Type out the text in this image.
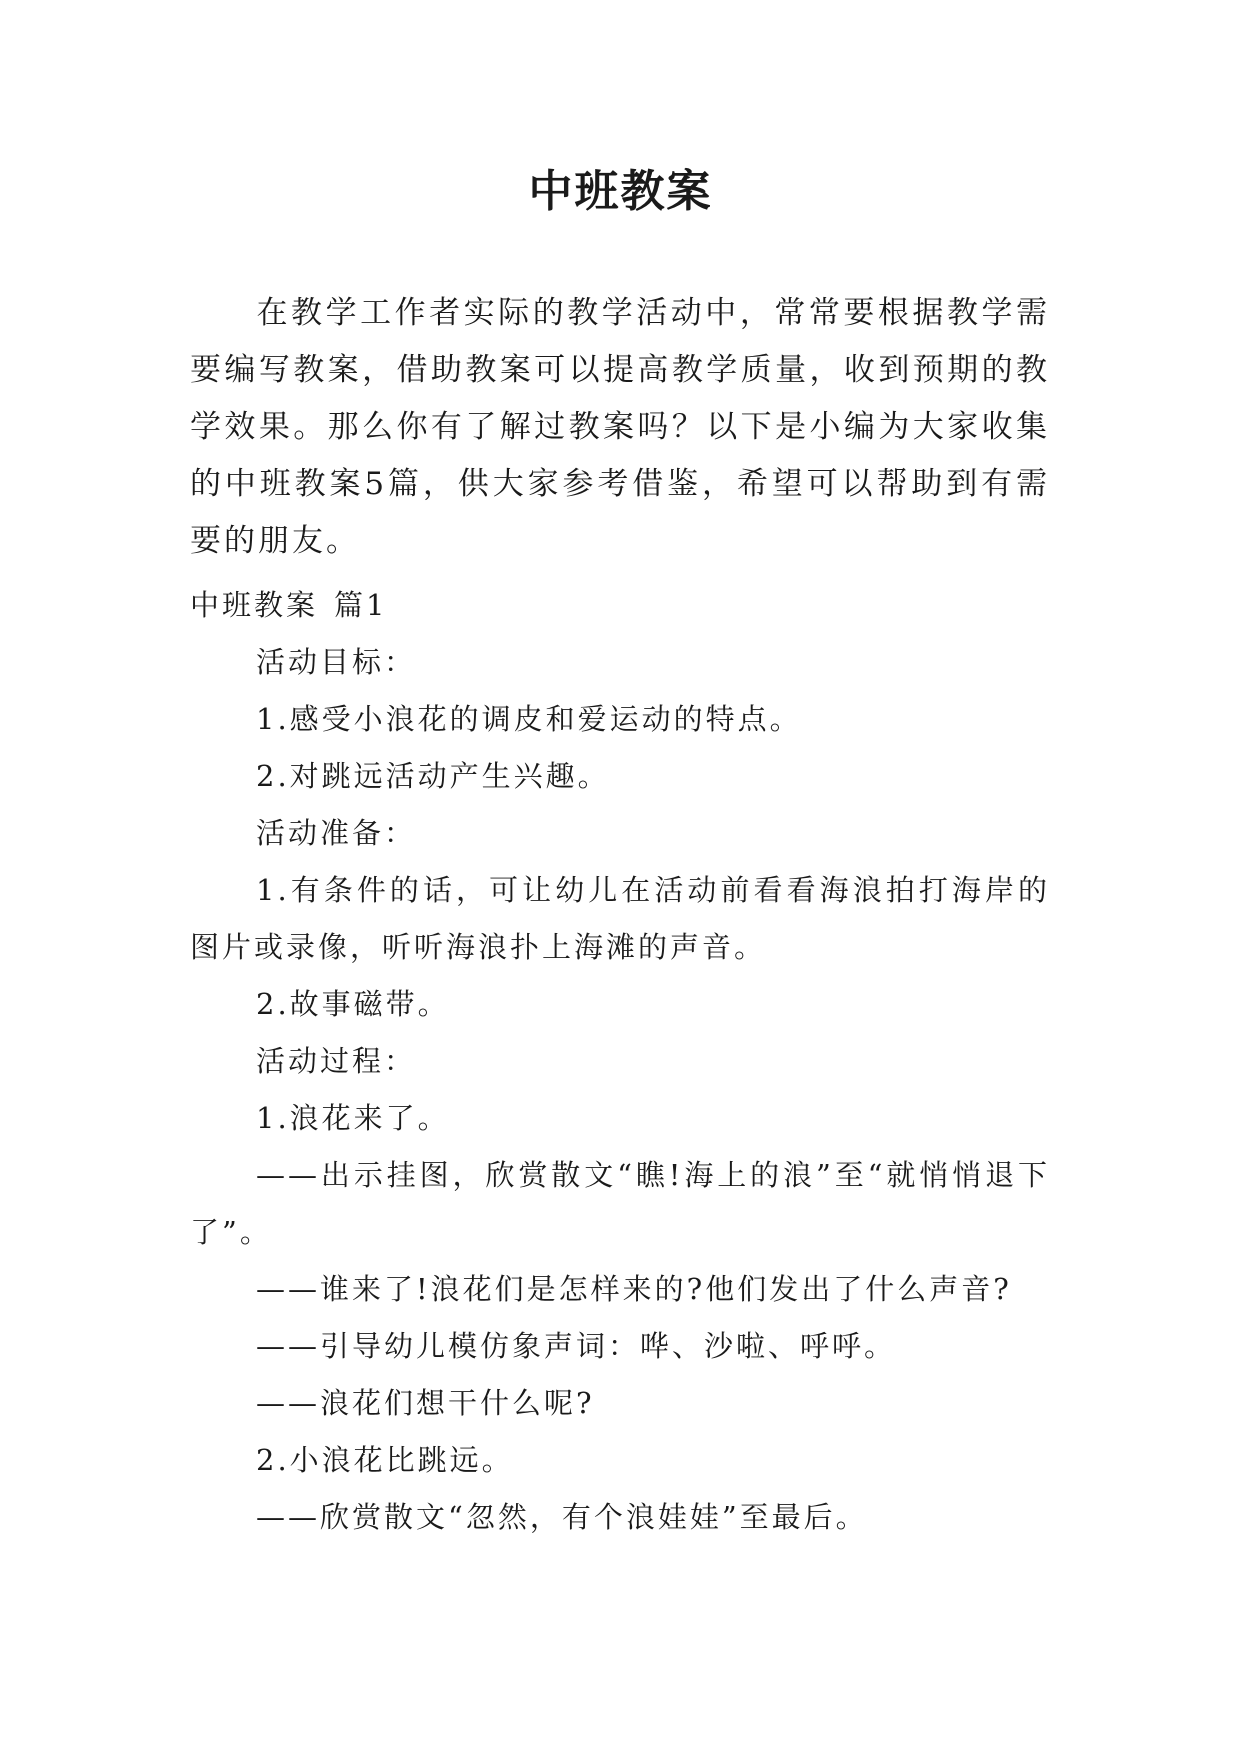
中班教案
在教学工作者实际的教学活动中，常常要根据教学需要编写教案，借助教案可以提高教学质量，收到预期的教学效果。那么你有了解过教案吗？以下是小编为大家收集的中班教案5篇，供大家参考借鉴，希望可以帮助到有需要的朋友。
中班教案 篇1
活动目标：
1.感受小浪花的调皮和爱运动的特点。
2.对跳远活动产生兴趣。
活动准备：
1.有条件的话，可让幼儿在活动前看看海浪拍打海岸的图片或录像，听听海浪扑上海滩的声音。
2.故事磁带。
活动过程：
1.浪花来了。
——出示挂图，欣赏散文“瞧!海上的浪”至“就悄悄退下了”。
——谁来了!浪花们是怎样来的?他们发出了什么声音?
——引导幼儿模仿象声词：哗、沙啦、呼呼。
——浪花们想干什么呢?
2.小浪花比跳远。
——欣赏散文“忽然，有个浪娃娃”至最后。
